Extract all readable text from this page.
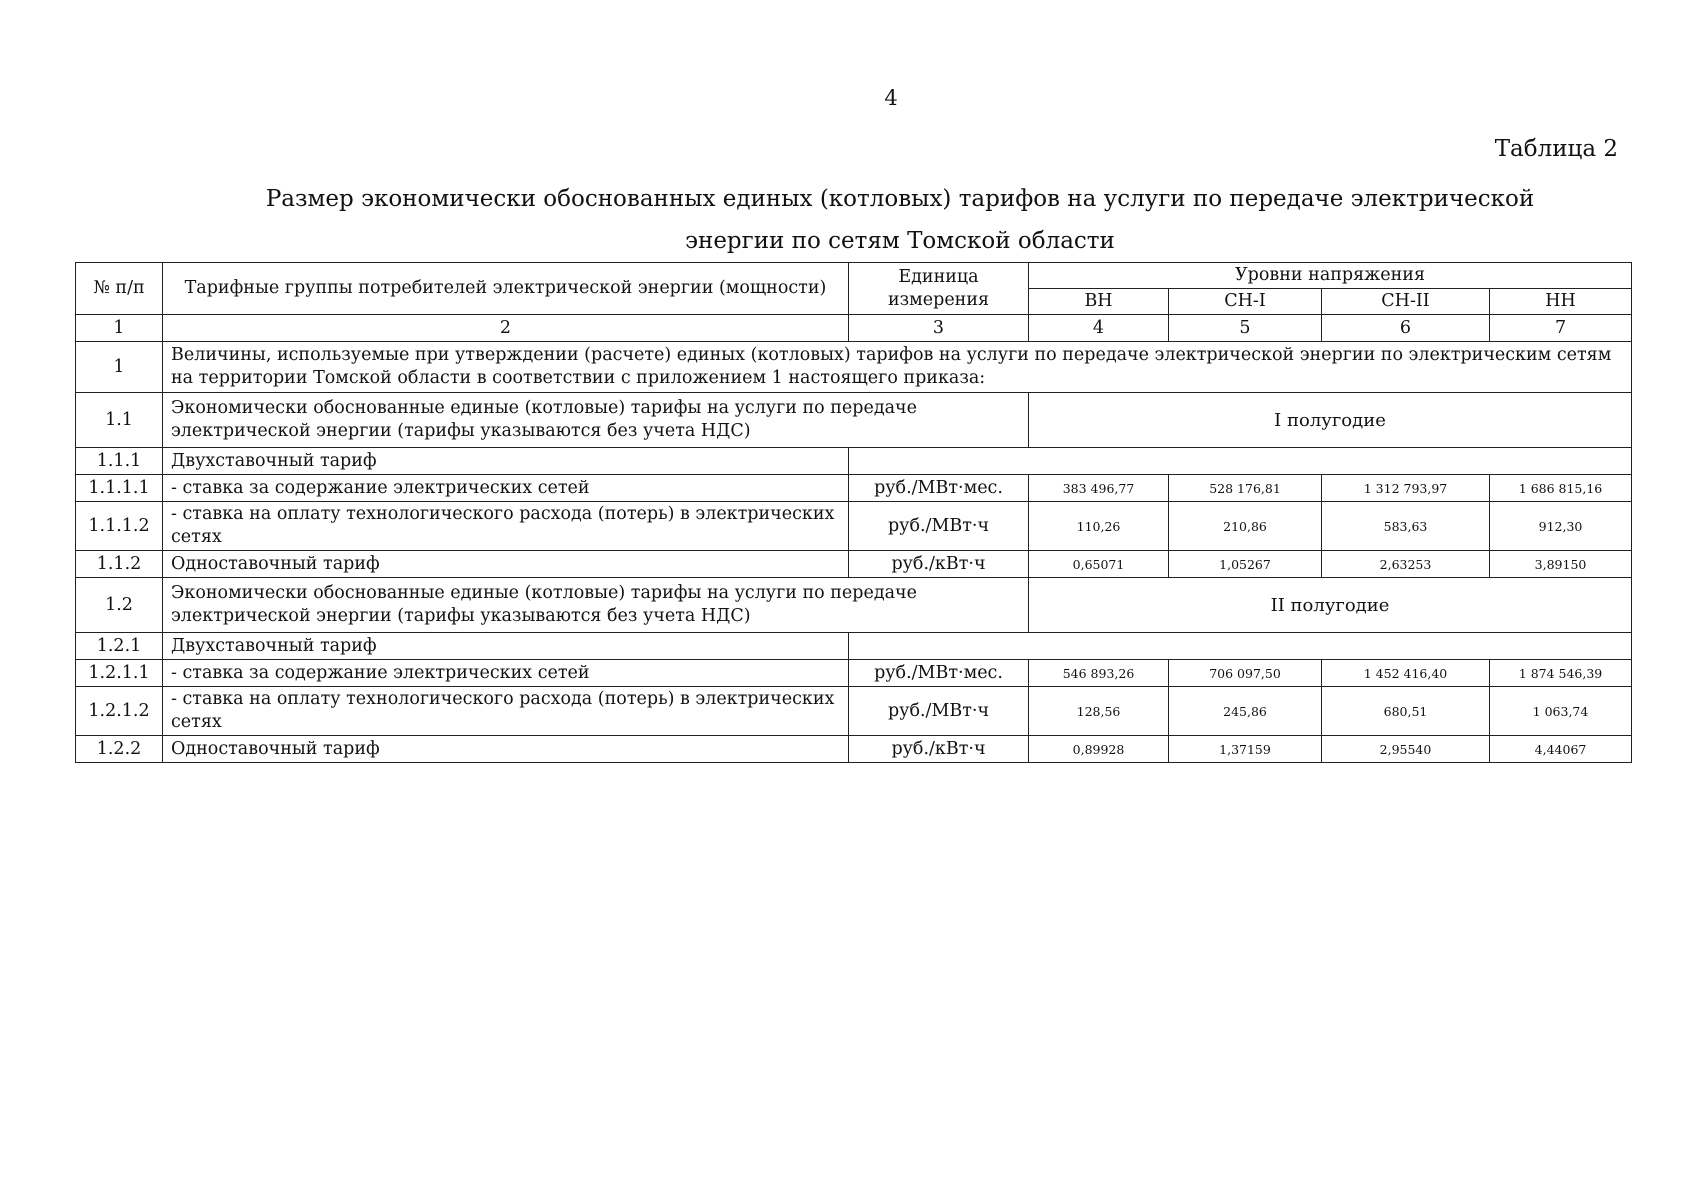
4
Таблица 2
Размер экономически обоснованных единых (котловых) тарифов на услуги по передаче электрической энергии по сетям Томской области
№ п/п	Тарифные группы потребителей электрической энергии (мощности)	Единица измерения	Уровни напряжения			
			ВН	СН-I	СН-II	НН
1	2	3	4	5	6	7
1	Величины, используемые при утверждении (расчете) единых (котловых) тарифов на услуги по передаче электрической энергии по электрическим сетям на территории Томской области в соответствии с приложением 1 настоящего приказа:					
1.1	Экономически обоснованные единые (котловые) тарифы на услуги по передаче электрической энергии (тарифы указываются без учета НДС)		I полугодие			
1.1.1	Двухставочный тариф					
1.1.1.1	- ставка за содержание электрических сетей	руб./МВт·мес.	383 496,77	528 176,81	1 312 793,97	1 686 815,16
1.1.1.2	- ставка на оплату технологического расхода (потерь) в электрических сетях	руб./МВт·ч	110,26	210,86	583,63	912,30
1.1.2	Одноставочный тариф	руб./кВт·ч	0,65071	1,05267	2,63253	3,89150
1.2	Экономически обоснованные единые (котловые) тарифы на услуги по передаче электрической энергии (тарифы указываются без учета НДС)		II полугодие			
1.2.1	Двухставочный тариф					
1.2.1.1	- ставка за содержание электрических сетей	руб./МВт·мес.	546 893,26	706 097,50	1 452 416,40	1 874 546,39
1.2.1.2	- ставка на оплату технологического расхода (потерь) в электрических сетях	руб./МВт·ч	128,56	245,86	680,51	1 063,74
1.2.2	Одноставочный тариф	руб./кВт·ч	0,89928	1,37159	2,95540	4,44067
